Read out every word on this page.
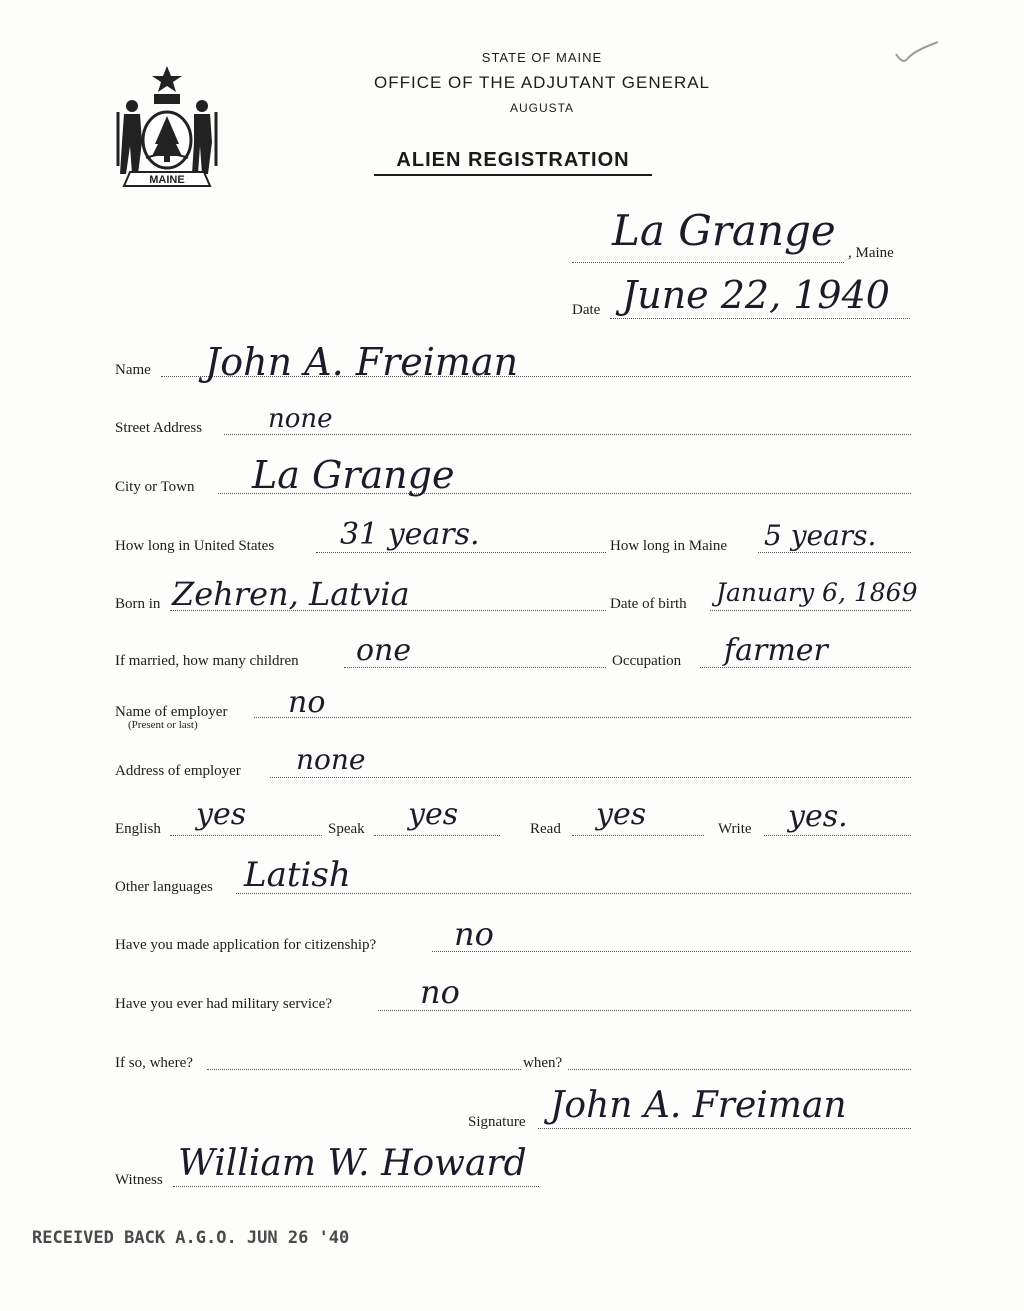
MAINE
STATE OF MAINE
OFFICE OF THE ADJUTANT GENERAL
AUGUSTA
ALIEN REGISTRATION
La Grange , Maine
Date June 22, 1940
Name John A. Freiman
Street Address	none
City or Town La Grange
How long in United States 31 years.	How long in Maine 5 years.
Born in Zehren, Latvia	Date of birth January 6, 1869
If married, how many children one	Occupation farmer
Name of employer
(Present or last)
no
Address of employer none
English yes	Speak yes	Read yes	Write yes.
Other languages Latish
Have you made application for citizenship? no
Have you ever had military service?	no
If so, where?	when?
Signature John A. Freiman
Witness William W. Howard
RECEIVED BACK A.G.O. JUN 26 '40
